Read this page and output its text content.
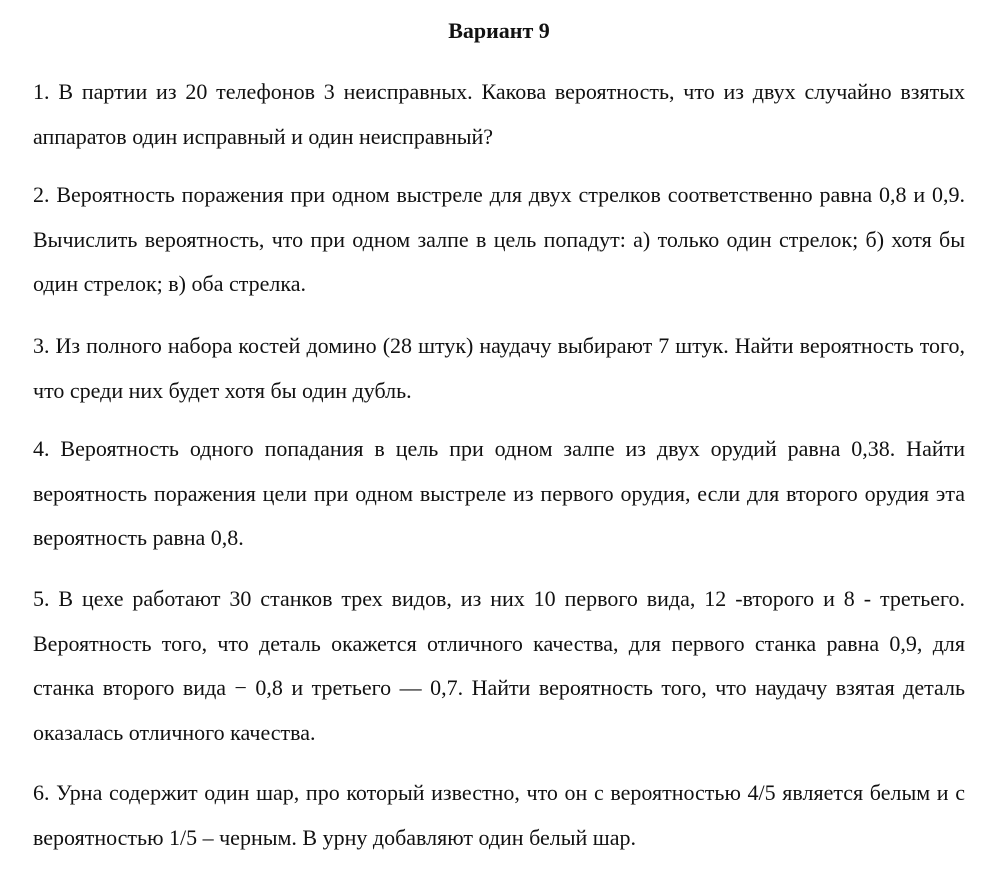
Вариант 9

1. В партии из 20 телефонов 3 неисправных. Какова вероятность, что из двух случайно взятых аппаратов один исправный и один неисправный?

2. Вероятность поражения при одном выстреле для двух стрелков соответственно равна 0,8 и 0,9. Вычислить вероятность, что при одном залпе в цель попадут: а) только один стрелок; б) хотя бы один стрелок; в) оба стрелка.

3. Из полного набора костей домино (28 штук) наудачу выбирают 7 штук. Найти вероятность того, что среди них будет хотя бы один дубль.

4. Вероятность одного попадания в цель при одном залпе из двух орудий равна 0,38. Найти вероятность поражения цели при одном выстреле из первого орудия, если для второго орудия эта вероятность равна 0,8.

5. В цехе работают 30 станков трех видов, из них 10 первого вида, 12 -второго и 8 - третьего. Вероятность того, что деталь окажется отличного качества, для первого станка равна 0,9, для станка второго вида − 0,8 и третьего — 0,7. Найти вероятность того, что наудачу взятая деталь оказалась отличного качества.

6. Урна содержит один шар, про который известно, что он с вероятностью 4/5 является белым и с вероятностью 1/5 – черным. В урну добавляют один белый шар.
